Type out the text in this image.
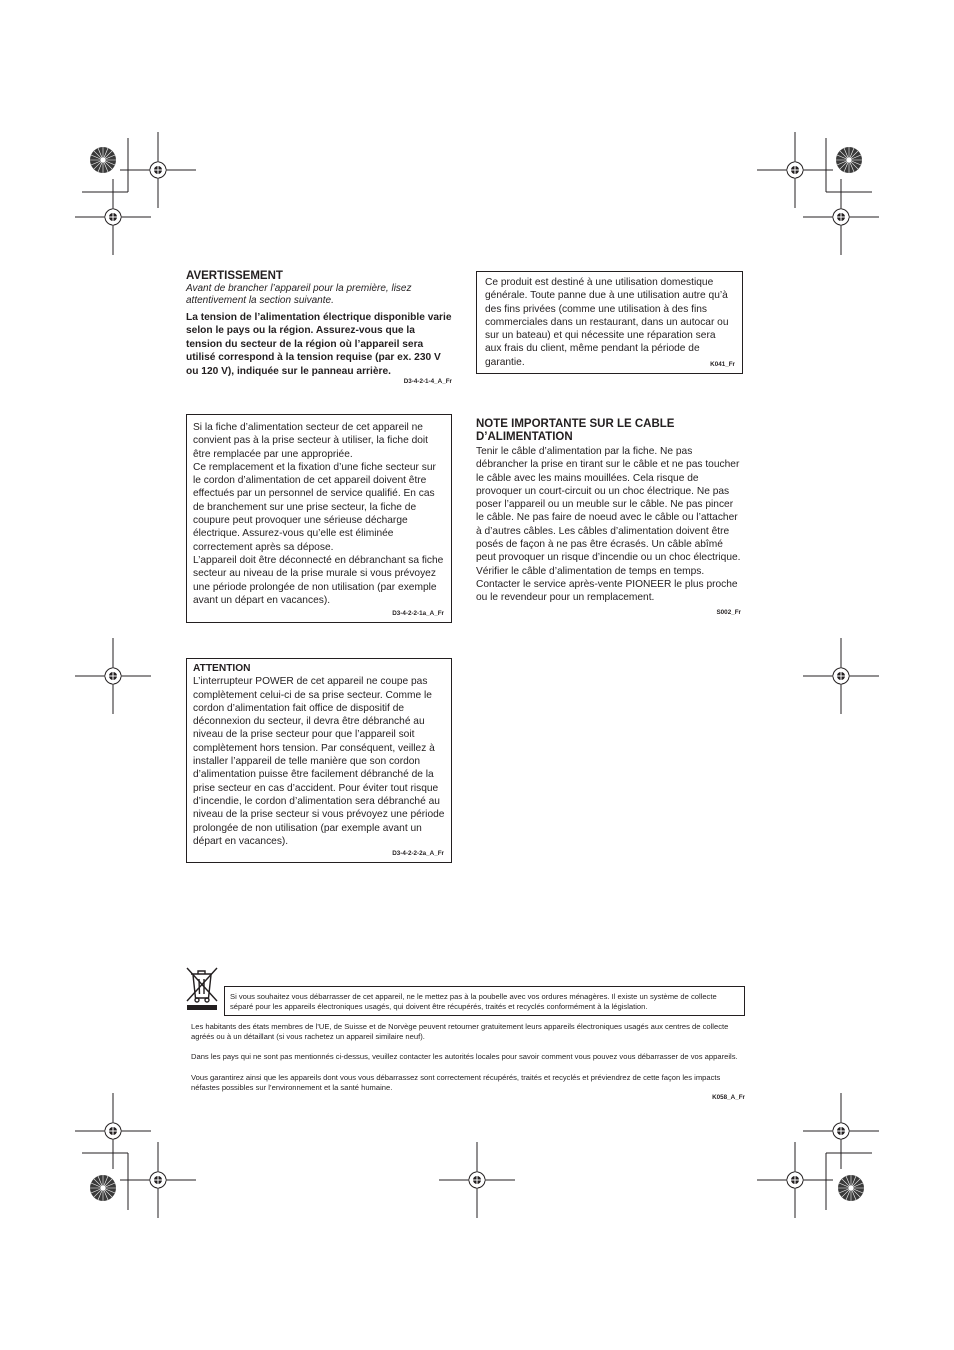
AVERTISSEMENT
Avant de brancher l’appareil pour la première, lisez attentivement la section suivante.
La tension de l’alimentation électrique disponible varie selon le pays ou la région. Assurez-vous que la tension du secteur de la région où l’appareil sera utilisé correspond à la tension requise (par ex. 230 V ou 120 V), indiquée sur le panneau arrière.
D3-4-2-1-4_A_Fr
Ce produit est destiné à une utilisation domestique générale. Toute panne due à une utilisation autre qu’à des fins privées (comme une utilisation à des fins commerciales dans un restaurant, dans un autocar ou sur un bateau) et qui nécessite une réparation sera aux frais du client, même pendant la période de garantie.	K041_Fr

Si la fiche d’alimentation secteur de cet appareil ne convient pas à la prise secteur à utiliser, la fiche doit être remplacée par une appropriée.

Ce remplacement et la fixation d’une fiche secteur sur le cordon d’alimentation de cet appareil doivent être effectués par un personnel de service qualifié. En cas de branchement sur une prise secteur, la fiche de coupure peut provoquer une sérieuse décharge électrique. Assurez-vous qu’elle est éliminée correctement après sa dépose.

L’appareil doit être déconnecté en débranchant sa fiche secteur au niveau de la prise murale si vous prévoyez une période prolongée de non utilisation (par exemple avant un départ en vacances).

D3-4-2-2-1a_A_Fr
NOTE IMPORTANTE SUR LE CABLE D’ALIMENTATION
Tenir le câble d’alimentation par la fiche. Ne pas débrancher la prise en tirant sur le câble et ne pas toucher le câble avec les mains mouillées. Cela risque de provoquer un court-circuit ou un choc électrique. Ne pas poser l’appareil ou un meuble sur le câble. Ne pas pincer le câble. Ne pas faire de noeud avec le câble ou l’attacher à d’autres câbles. Les câbles d’alimentation doivent être posés de façon à ne pas être écrasés. Un câble abîmé peut provoquer un risque d’incendie ou un choc électrique. Vérifier le câble d’alimentation de temps en temps. Contacter le service après-vente PIONEER le plus proche ou le revendeur pour un remplacement.
S002_Fr
ATTENTION
L’interrupteur POWER de cet appareil ne coupe pas complètement celui-ci de sa prise secteur. Comme le cordon d’alimentation fait office de dispositif de déconnexion du secteur, il devra être débranché au niveau de la prise secteur pour que l’appareil soit complètement hors tension. Par conséquent, veillez à installer l’appareil de telle manière que son cordon d’alimentation puisse être facilement débranché de la prise secteur en cas d’accident. Pour éviter tout risque d’incendie, le cordon d’alimentation sera débranché au niveau de la prise secteur si vous prévoyez une période prolongée de non utilisation (par exemple avant un départ en vacances).
D3-4-2-2-2a_A_Fr
Si vous souhaitez vous débarrasser de cet appareil, ne le mettez pas à la poubelle avec vos ordures ménagères. Il existe un système de collecte séparé pour les appareils électroniques usagés, qui doivent être récupérés, traités et recyclés conformément à la législation.

Les habitants des états membres de l’UE, de Suisse et de Norvège peuvent retourner gratuitement leurs appareils électroniques usagés aux centres de collecte agréés ou à un détaillant (si vous rachetez un appareil similaire neuf).

Dans les pays qui ne sont pas mentionnés ci-dessus, veuillez contacter les autorités locales pour savoir comment vous pouvez vous débarrasser de vos appareils.

Vous garantirez ainsi que les appareils dont vous vous débarrassez sont correctement récupérés, traités et recyclés et préviendrez de cette façon les impacts néfastes possibles sur l’environnement et la santé humaine.

K058_A_Fr
